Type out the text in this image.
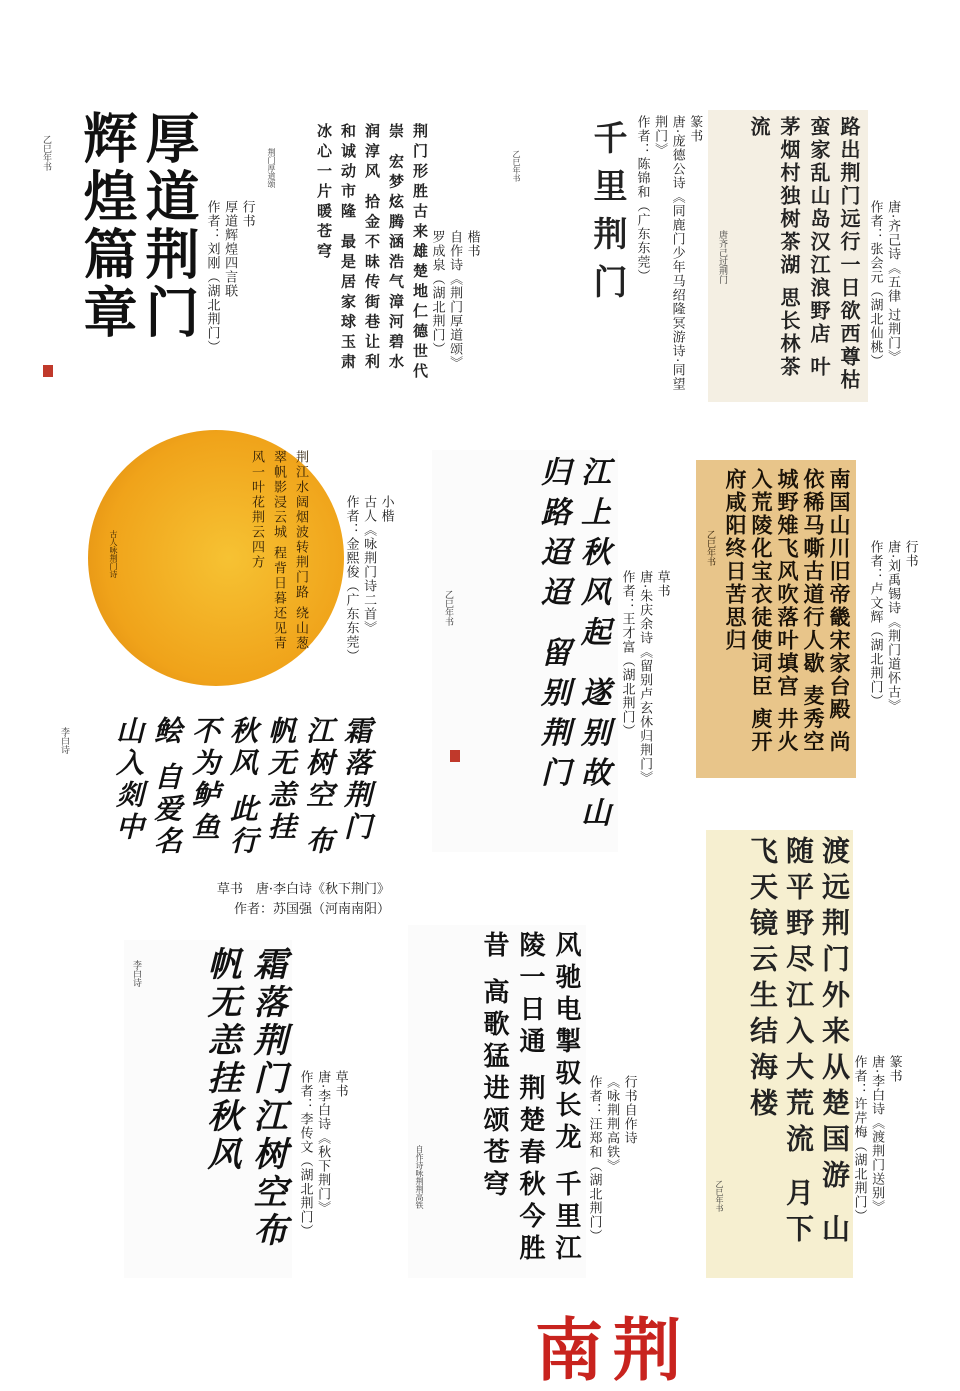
厚道荆门 辉煌篇章
乙巳年书
行书
厚道辉煌四言联
作者：刘刚（湖北荆门）	荆门形胜古来雄楚地仁德世代崇 宏梦炫腾涵浩气漳河碧水润淳风 拾金不昧传街巷让利和诚动市隆 最是居家球玉肃冰心一片暖苍穹
荆门厚道颂
楷书
自作诗《荆门厚道颂》
罗成泉（湖北荆门）	千里荆门
乙巳年书
篆书
唐·庞德公诗《同鹿门少年马绍隆冥游诗·同望荆门》
作者：陈锦和（广东东莞）	路出荆门远行一日欲西尊枯 蛮家乱山岛汉江浪野店 叶茅烟村独树茶湖 思长林茶流
唐齐己过荆门	唐·齐己诗《五律 过荆门》
作者：张会元（湖北仙桃）
荆江水阔烟波转荆门路 绕山葱翠帆影浸云城 程背日暮还见青 风一叶花荆云四方
古人咏荆门诗
小楷
古人《咏荆门诗二首》
作者：金熙俊（广东东莞）	江上秋风起 遂别故山 归路迢迢 留别荆门
乙巳年书
草书
唐·朱庆余诗《留别卢玄休归荆门》
作者：王才富（湖北荆门）	南国山川旧帝畿宋家台殿 尚依稀马嘶古道行人歇 麦秀空城野雉飞风吹落叶填宫 井火入荒陵化宝衣徒使词臣 庾开府咸阳终日苦思归
乙巳年书	行书
唐·刘禹锡诗《荆门道怀古》
作者：卢文辉（湖北荆门）
霜落荆门江树空 布帆无恙挂秋风 此行不为鲈鱼鲙 自爱名山入剡中
李白诗
草书　 唐·李白诗《秋下荆门》
作者：苏国强（河南南阳）	渡远荆门外来从楚国游 山随平野尽江入大荒流 月下飞天镜云生结海楼
乙巳年书
篆书
唐·李白诗《渡荆门送别》
作者：许芹梅（湖北荆门）
霜落荆门江树空布帆无恙挂秋风
李白诗
草书
唐·李白诗《秋下荆门》
作者：李传文（湖北荆门）	风驰电掣驭长龙 千里江陵一日通 荆楚春秋今胜昔 高歌猛进颂苍穹
自作诗咏荆荆高铁
行书自作诗
《咏荆荆高铁》
作者：汪郑和（湖北荆门）
南荆
